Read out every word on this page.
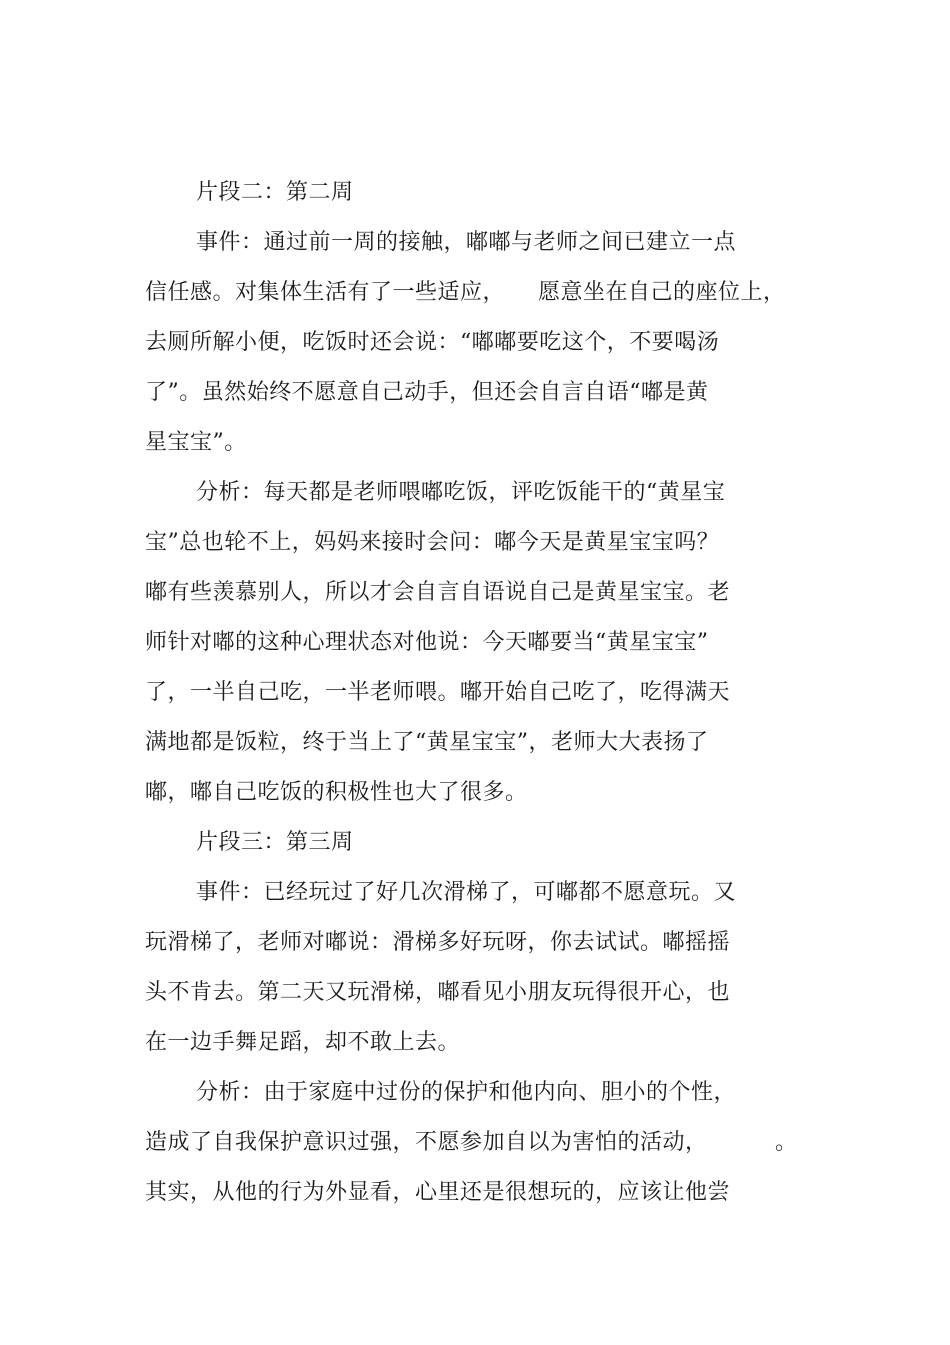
片段二：第二周
事件：通过前一周的接触，嘟嘟与老师之间已建立一点
信任感。对集体生活有了一些适应， 愿意坐在自己的座位上，
去厕所解小便，吃饭时还会说：“嘟嘟要吃这个，不要喝汤
了”。虽然始终不愿意自己动手，但还会自言自语“嘟是黄
星宝宝”。
分析：每天都是老师喂嘟吃饭，评吃饭能干的“黄星宝
宝”总也轮不上，妈妈来接时会问：嘟今天是黄星宝宝吗？
嘟有些羡慕别人，所以才会自言自语说自己是黄星宝宝。老
师针对嘟的这种心理状态对他说：今天嘟要当“黄星宝宝”
了，一半自己吃，一半老师喂。嘟开始自己吃了，吃得满天
满地都是饭粒，终于当上了“黄星宝宝”，老师大大表扬了
嘟，嘟自己吃饭的积极性也大了很多。
片段三：第三周
事件：已经玩过了好几次滑梯了，可嘟都不愿意玩。又
玩滑梯了，老师对嘟说：滑梯多好玩呀，你去试试。嘟摇摇
头不肯去。第二天又玩滑梯，嘟看见小朋友玩得很开心，也
在一边手舞足蹈，却不敢上去。
分析：由于家庭中过份的保护和他内向、胆小的个性，
造成了自我保护意识过强，不愿参加自以为害怕的活动，	。
其实，从他的行为外显看，心里还是很想玩的，应该让他尝
